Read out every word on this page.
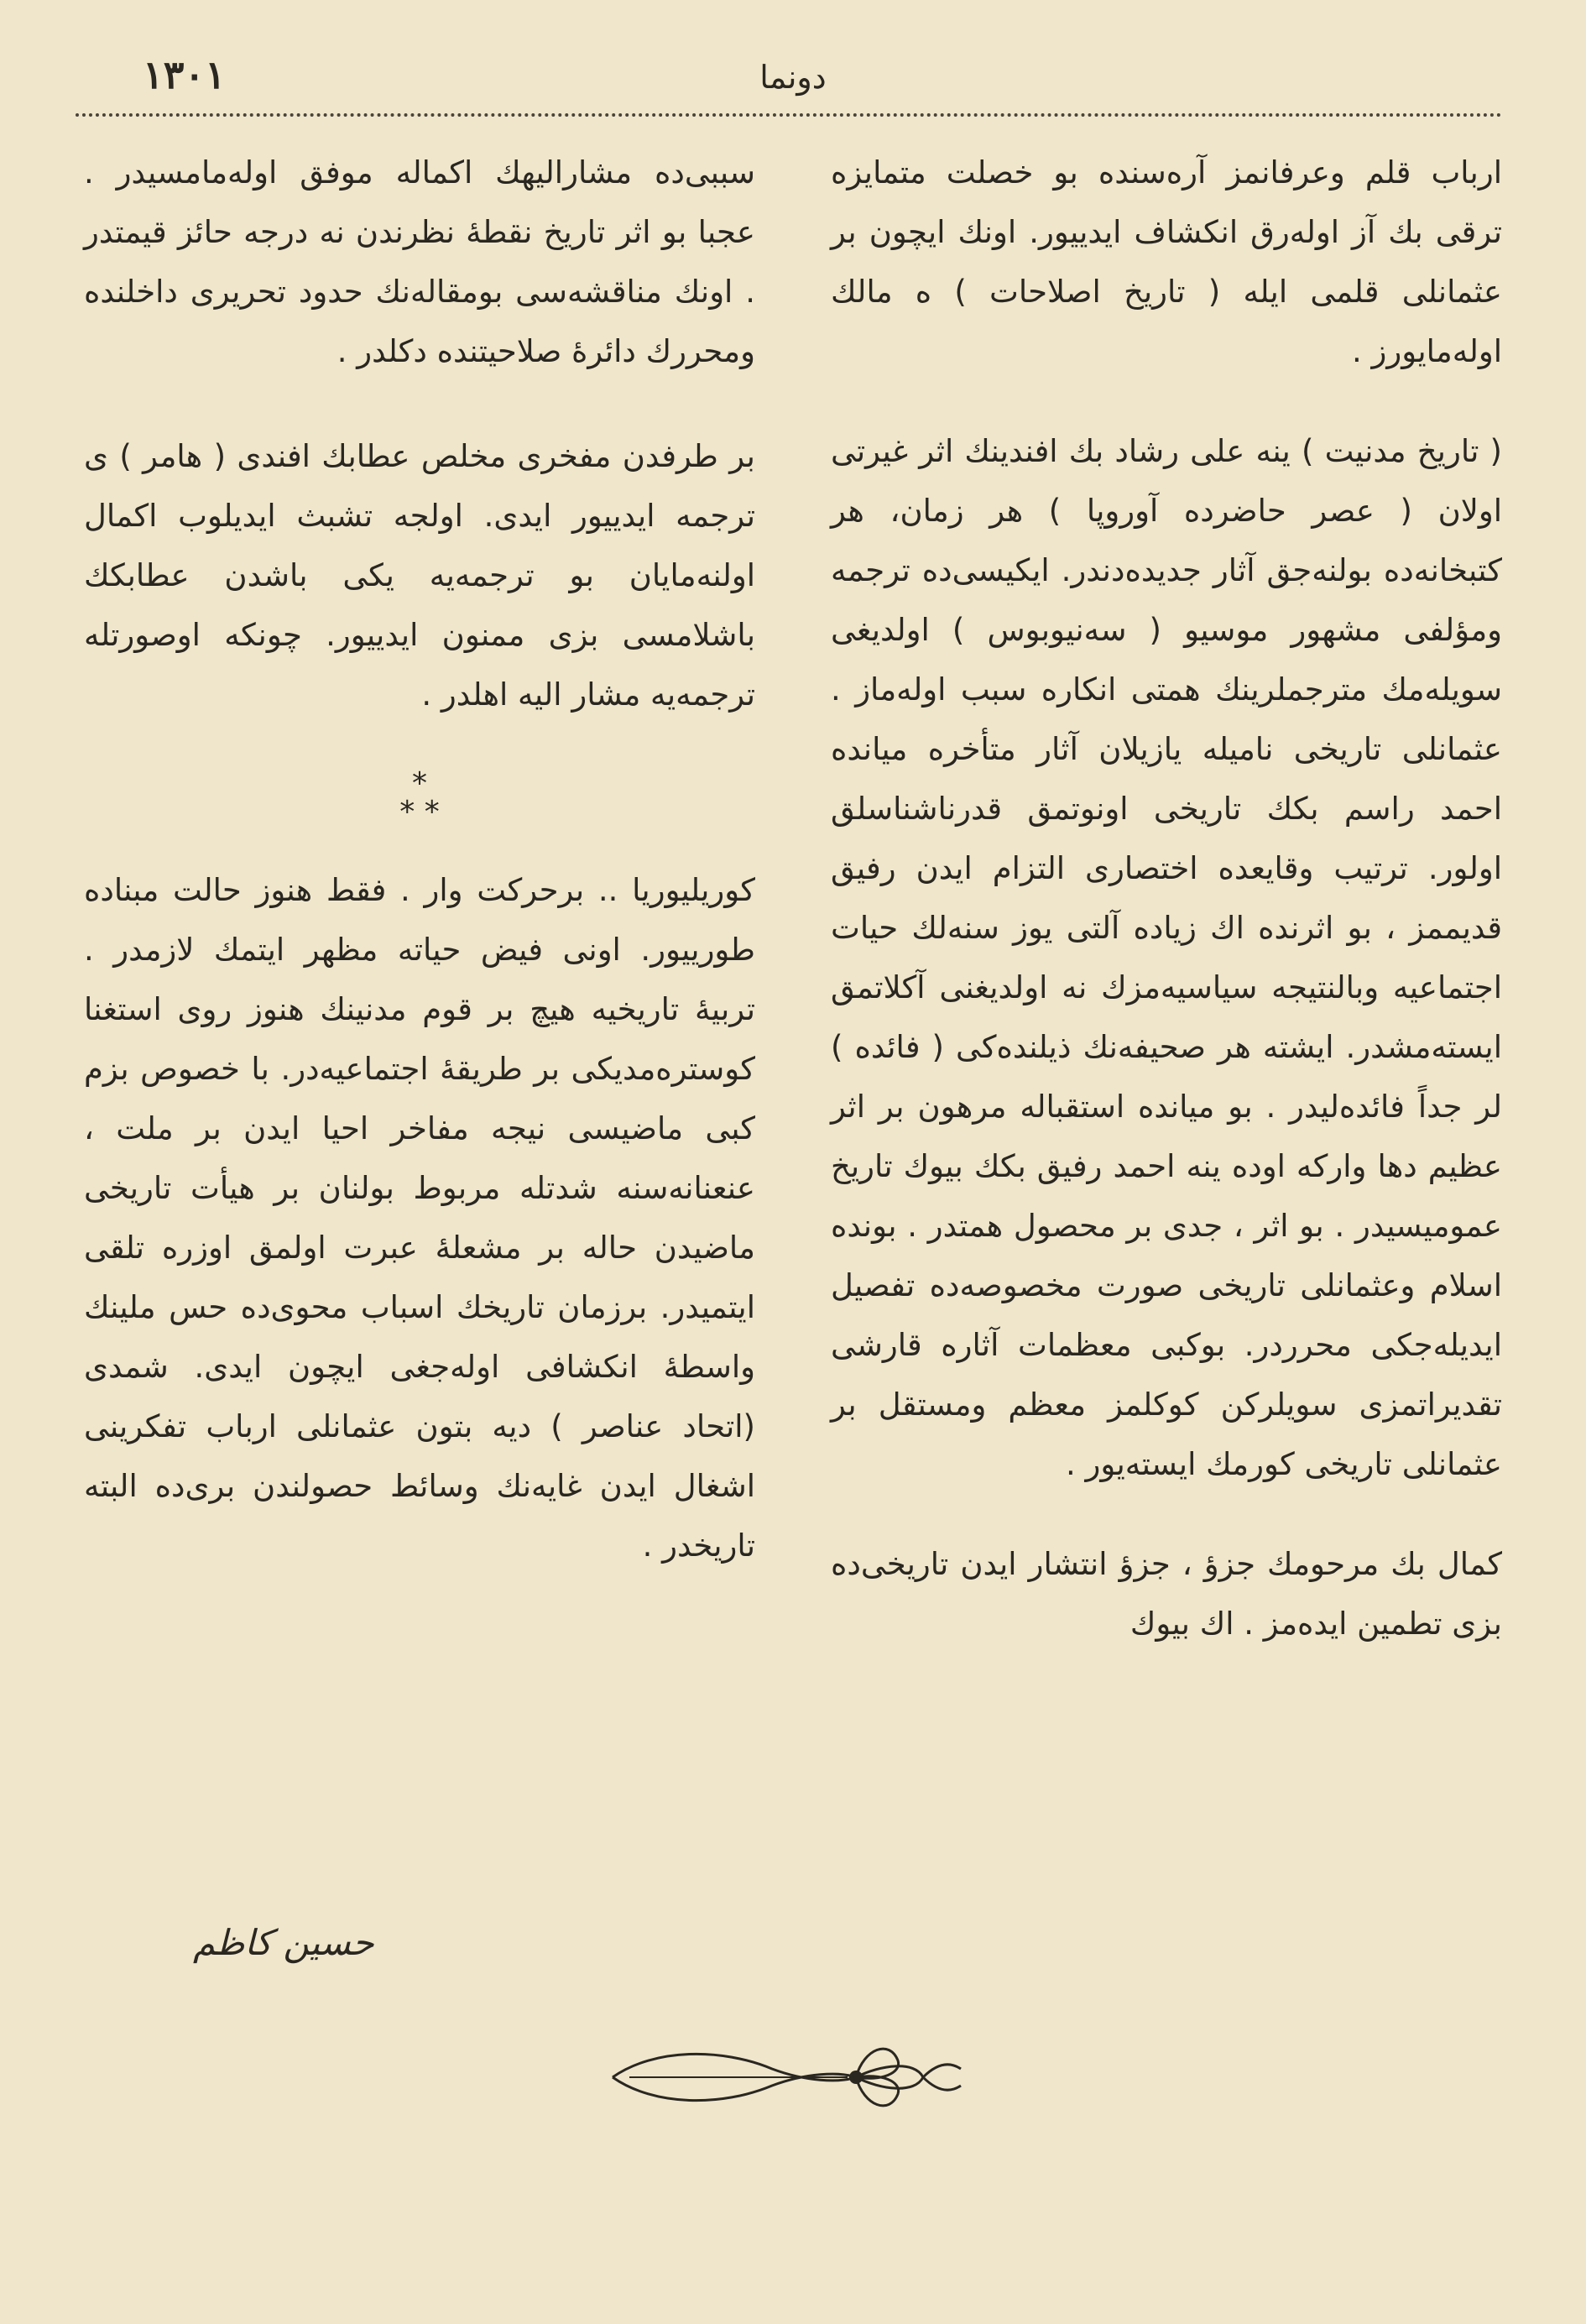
۱۳۰۱	دونما

ارباب قلم وعرفانمز آره‌سنده بو خصلت متمایزه ترقی بك آز اوله‌رق انکشاف ایدییور. اونك ایچون بر عثمانلی قلمی ایله ( تاریخ اصلاحات ) ه مالك اوله‌مایورز .

( تاریخ مدنیت ) ینه علی رشاد بك افندینك اثر غیرتی اولان ( عصر حاضرده آوروپا ) هر زمان، هر کتبخانه‌ده بولنه‌جق آثار جدیده‌دندر. ایکیسی‌ده ترجمه ومؤلفی مشهور موسیو ( سه‌نیوبوس ) اولدیغی سویله‌مك مترجملرینك همتی انکاره سبب اوله‌ماز . عثمانلی تاریخی نامیله یازیلان آثار متأخره میانده احمد راسم بکك تاریخی اونوتمق قدرناشناسلق اولور. ترتیب وقایعده اختصاری التزام ایدن رفیق قدیممز ، بو اثرنده اك زیاده آلتی یوز سنه‌لك حیات اجتماعیه وبالنتیجه سیاسیه‌مزك نه اولدیغنی آکلاتمق ایسته‌مشدر. ایشته هر صحیفه‌نك ذیلنده‌کی ( فائده ) لر جداً فائده‌لیدر . بو میانده استقباله مرهون بر اثر عظیم دها وارکه اوده ینه احمد رفیق بکك بیوك تاریخ عمومیسیدر . بو اثر ، جدی بر محصول همتدر . بونده اسلام وعثمانلی تاریخی صورت مخصوصه‌ده تفصیل ایدیله‌جکی محرردر. بوکبی معظمات آثاره قارشی تقدیراتمزی سویلرکن کوکلمز معظم ومستقل بر عثمانلی تاریخی کورمك ایسته‌یور .

کمال بك مرحومك جزؤ ، جزؤ انتشار ایدن تاریخی‌ده بزی تطمین ایده‌مز . اك بیوك

سببی‌ده مشارالیهك اکماله موفق اوله‌مامسیدر . عجبا بو اثر تاریخ نقطه‌ٔ نظرندن نه درجه حائز قیمتدر . اونك مناقشه‌سی بومقاله‌نك حدود تحریری داخلنده ومحررك دائره‌ٔ صلاحیتنده دکلدر .

بر طرفدن مفخری مخلص عطابك افندی ( هامر ) ی ترجمه ایدییور ایدی. اولجه تشبث ایدیلوب اکمال اولنه‌مایان بو ترجمه‌یه یکی باشدن عطابکك باشلامسی بزی ممنون ایدییور. چونکه اوصورتله ترجمه‌یه مشار الیه اهلدر .

*
* *

کوریلیوریا .. برحرکت وار . فقط هنوز حالت مبناده طورییور. اونی فیض حیاته مظهر ایتمك لازمدر . تربیه‌ٔ تاریخیه هیچ بر قوم مدنینك هنوز روی استغنا کوستره‌مدیکی بر طریقه‌ٔ اجتماعیه‌در. با خصوص بزم کبی ماضیسی نیجه مفاخر احیا ایدن بر ملت ، عنعنانه‌سنه شدتله مربوط بولنان بر هیأت تاریخی ماضیدن حاله بر مشعله‌ٔ عبرت اولمق اوزره تلقی ایتمیدر. برزمان تاریخك اسباب محوی‌ده حس ملینك واسطه‌ٔ انکشافی اوله‌جغی ایچون ایدی. شمدی (اتحاد عناصر ) دیه بتون عثمانلی ارباب تفکرینی اشغال ایدن غایه‌نك وسائط حصولندن بری‌ده البته تاریخدر .

حسین کاظم
